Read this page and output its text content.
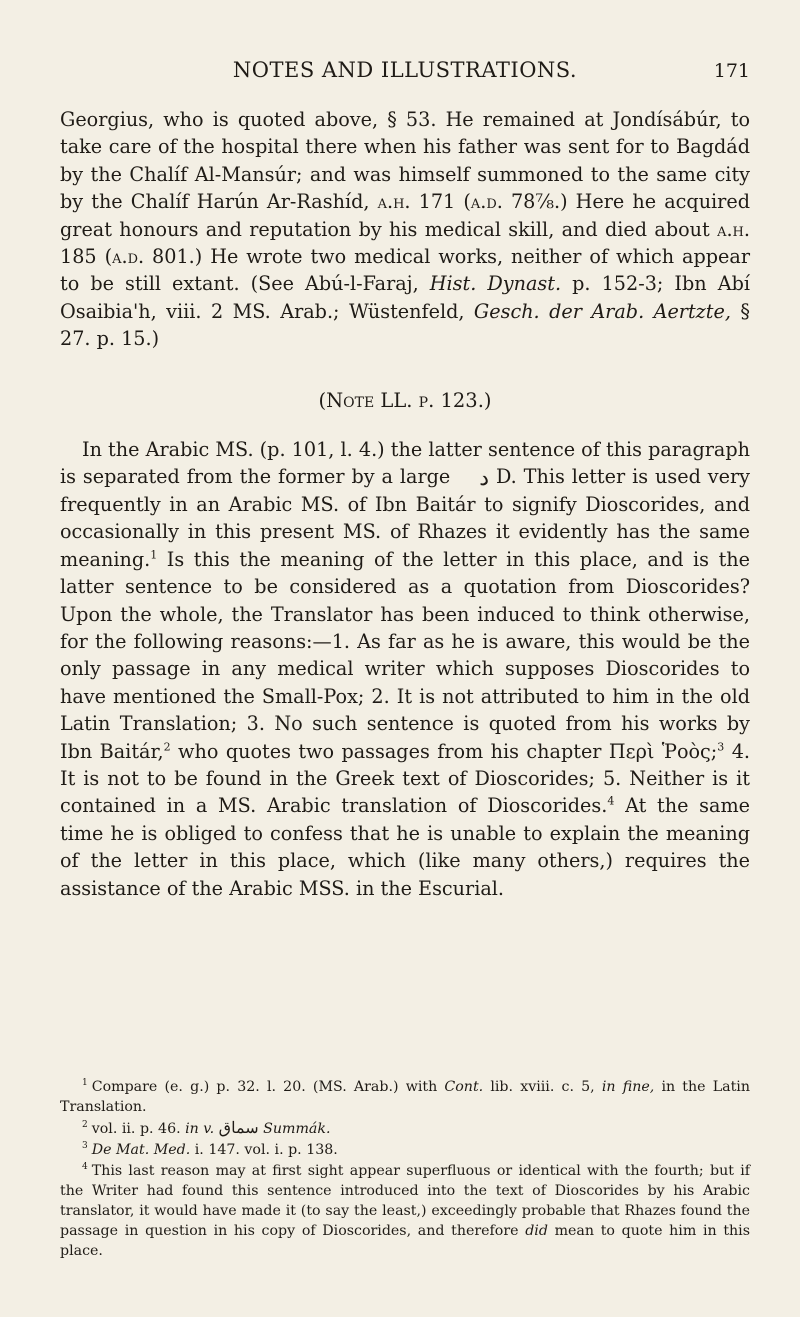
NOTES AND ILLUSTRATIONS.	171

Georgius, who is quoted above, § 53. He remained at Jondísábúr, to take care of the hospital there when his father was sent for to Bagdád by the Chalíf Al-Mansúr; and was himself summoned to the same city by the Chalíf Harún Ar-Rashíd, a.h. 171 (a.d. 78⅞.) Here he acquired great honours and reputation by his medical skill, and died about a.h. 185 (a.d. 801.) He wrote two medical works, neither of which appear to be still extant. (See Abú-l-Faraj, Hist. Dynast. p. 152-3; Ibn Abí Osaibia'h, viii. 2 MS. Arab.; Wüstenfeld, Gesch. der Arab. Aertzte, § 27. p. 15.)

(Note LL. p. 123.)

In the Arabic MS. (p. 101, l. 4.) the latter sentence of this paragraph is separated from the former by a large ﺩ D. This letter is used very frequently in an Arabic MS. of Ibn Baitár to signify Dioscorides, and occasionally in this present MS. of Rhazes it evidently has the same meaning.$^1$ Is this the meaning of the letter in this place, and is the latter sentence to be considered as a quotation from Dioscorides? Upon the whole, the Translator has been induced to think otherwise, for the following reasons:—1. As far as he is aware, this would be the only passage in any medical writer which supposes Dioscorides to have mentioned the Small-Pox; 2. It is not attributed to him in the old Latin Translation; 3. No such sentence is quoted from his works by Ibn Baitár,$^2$ who quotes two passages from his chapter Περὶ Ῥοὸς;$^3$ 4. It is not to be found in the Greek text of Dioscorides; 5. Neither is it contained in a MS. Arabic translation of Dioscorides.$^4$ At the same time he is obliged to confess that he is unable to explain the meaning of the letter in this place, which (like many others,) requires the assistance of the Arabic MSS. in the Escurial.

$^1$ Compare (e. g.) p. 32. l. 20. (MS. Arab.) with Cont. lib. xviii. c. 5, in fine, in the Latin Translation.

$^2$ vol. ii. p. 46. in v. سماق Summák.

$^3$ De Mat. Med. i. 147. vol. i. p. 138.

$^4$ This last reason may at first sight appear superfluous or identical with the fourth; but if the Writer had found this sentence introduced into the text of Dioscorides by his Arabic translator, it would have made it (to say the least,) exceedingly probable that Rhazes found the passage in question in his copy of Dioscorides, and therefore did mean to quote him in this place.
